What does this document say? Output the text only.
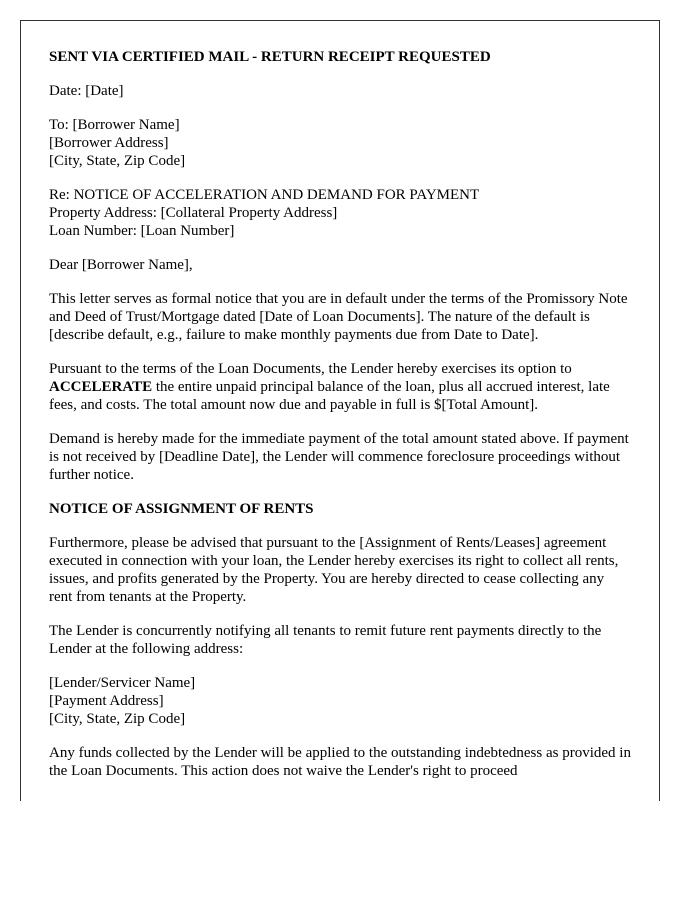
SENT VIA CERTIFIED MAIL - RETURN RECEIPT REQUESTED

Date: [Date]

To: [Borrower Name]
[Borrower Address]
[City, State, Zip Code]

Re: NOTICE OF ACCELERATION AND DEMAND FOR PAYMENT
Property Address: [Collateral Property Address]
Loan Number: [Loan Number]

Dear [Borrower Name],

This letter serves as formal notice that you are in default under the terms of the Promissory Note and Deed of Trust/Mortgage dated [Date of Loan Documents]. The nature of the default is [describe default, e.g., failure to make monthly payments due from Date to Date].

Pursuant to the terms of the Loan Documents, the Lender hereby exercises its option to ACCELERATE the entire unpaid principal balance of the loan, plus all accrued interest, late fees, and costs. The total amount now due and payable in full is $[Total Amount].

Demand is hereby made for the immediate payment of the total amount stated above. If payment is not received by [Deadline Date], the Lender will commence foreclosure proceedings without further notice.

NOTICE OF ASSIGNMENT OF RENTS

Furthermore, please be advised that pursuant to the [Assignment of Rents/Leases] agreement executed in connection with your loan, the Lender hereby exercises its right to collect all rents, issues, and profits generated by the Property. You are hereby directed to cease collecting any rent from tenants at the Property.

The Lender is concurrently notifying all tenants to remit future rent payments directly to the Lender at the following address:

[Lender/Servicer Name]
[Payment Address]
[City, State, Zip Code]

Any funds collected by the Lender will be applied to the outstanding indebtedness as provided in the Loan Documents. This action does not waive the Lender's right to proceed
